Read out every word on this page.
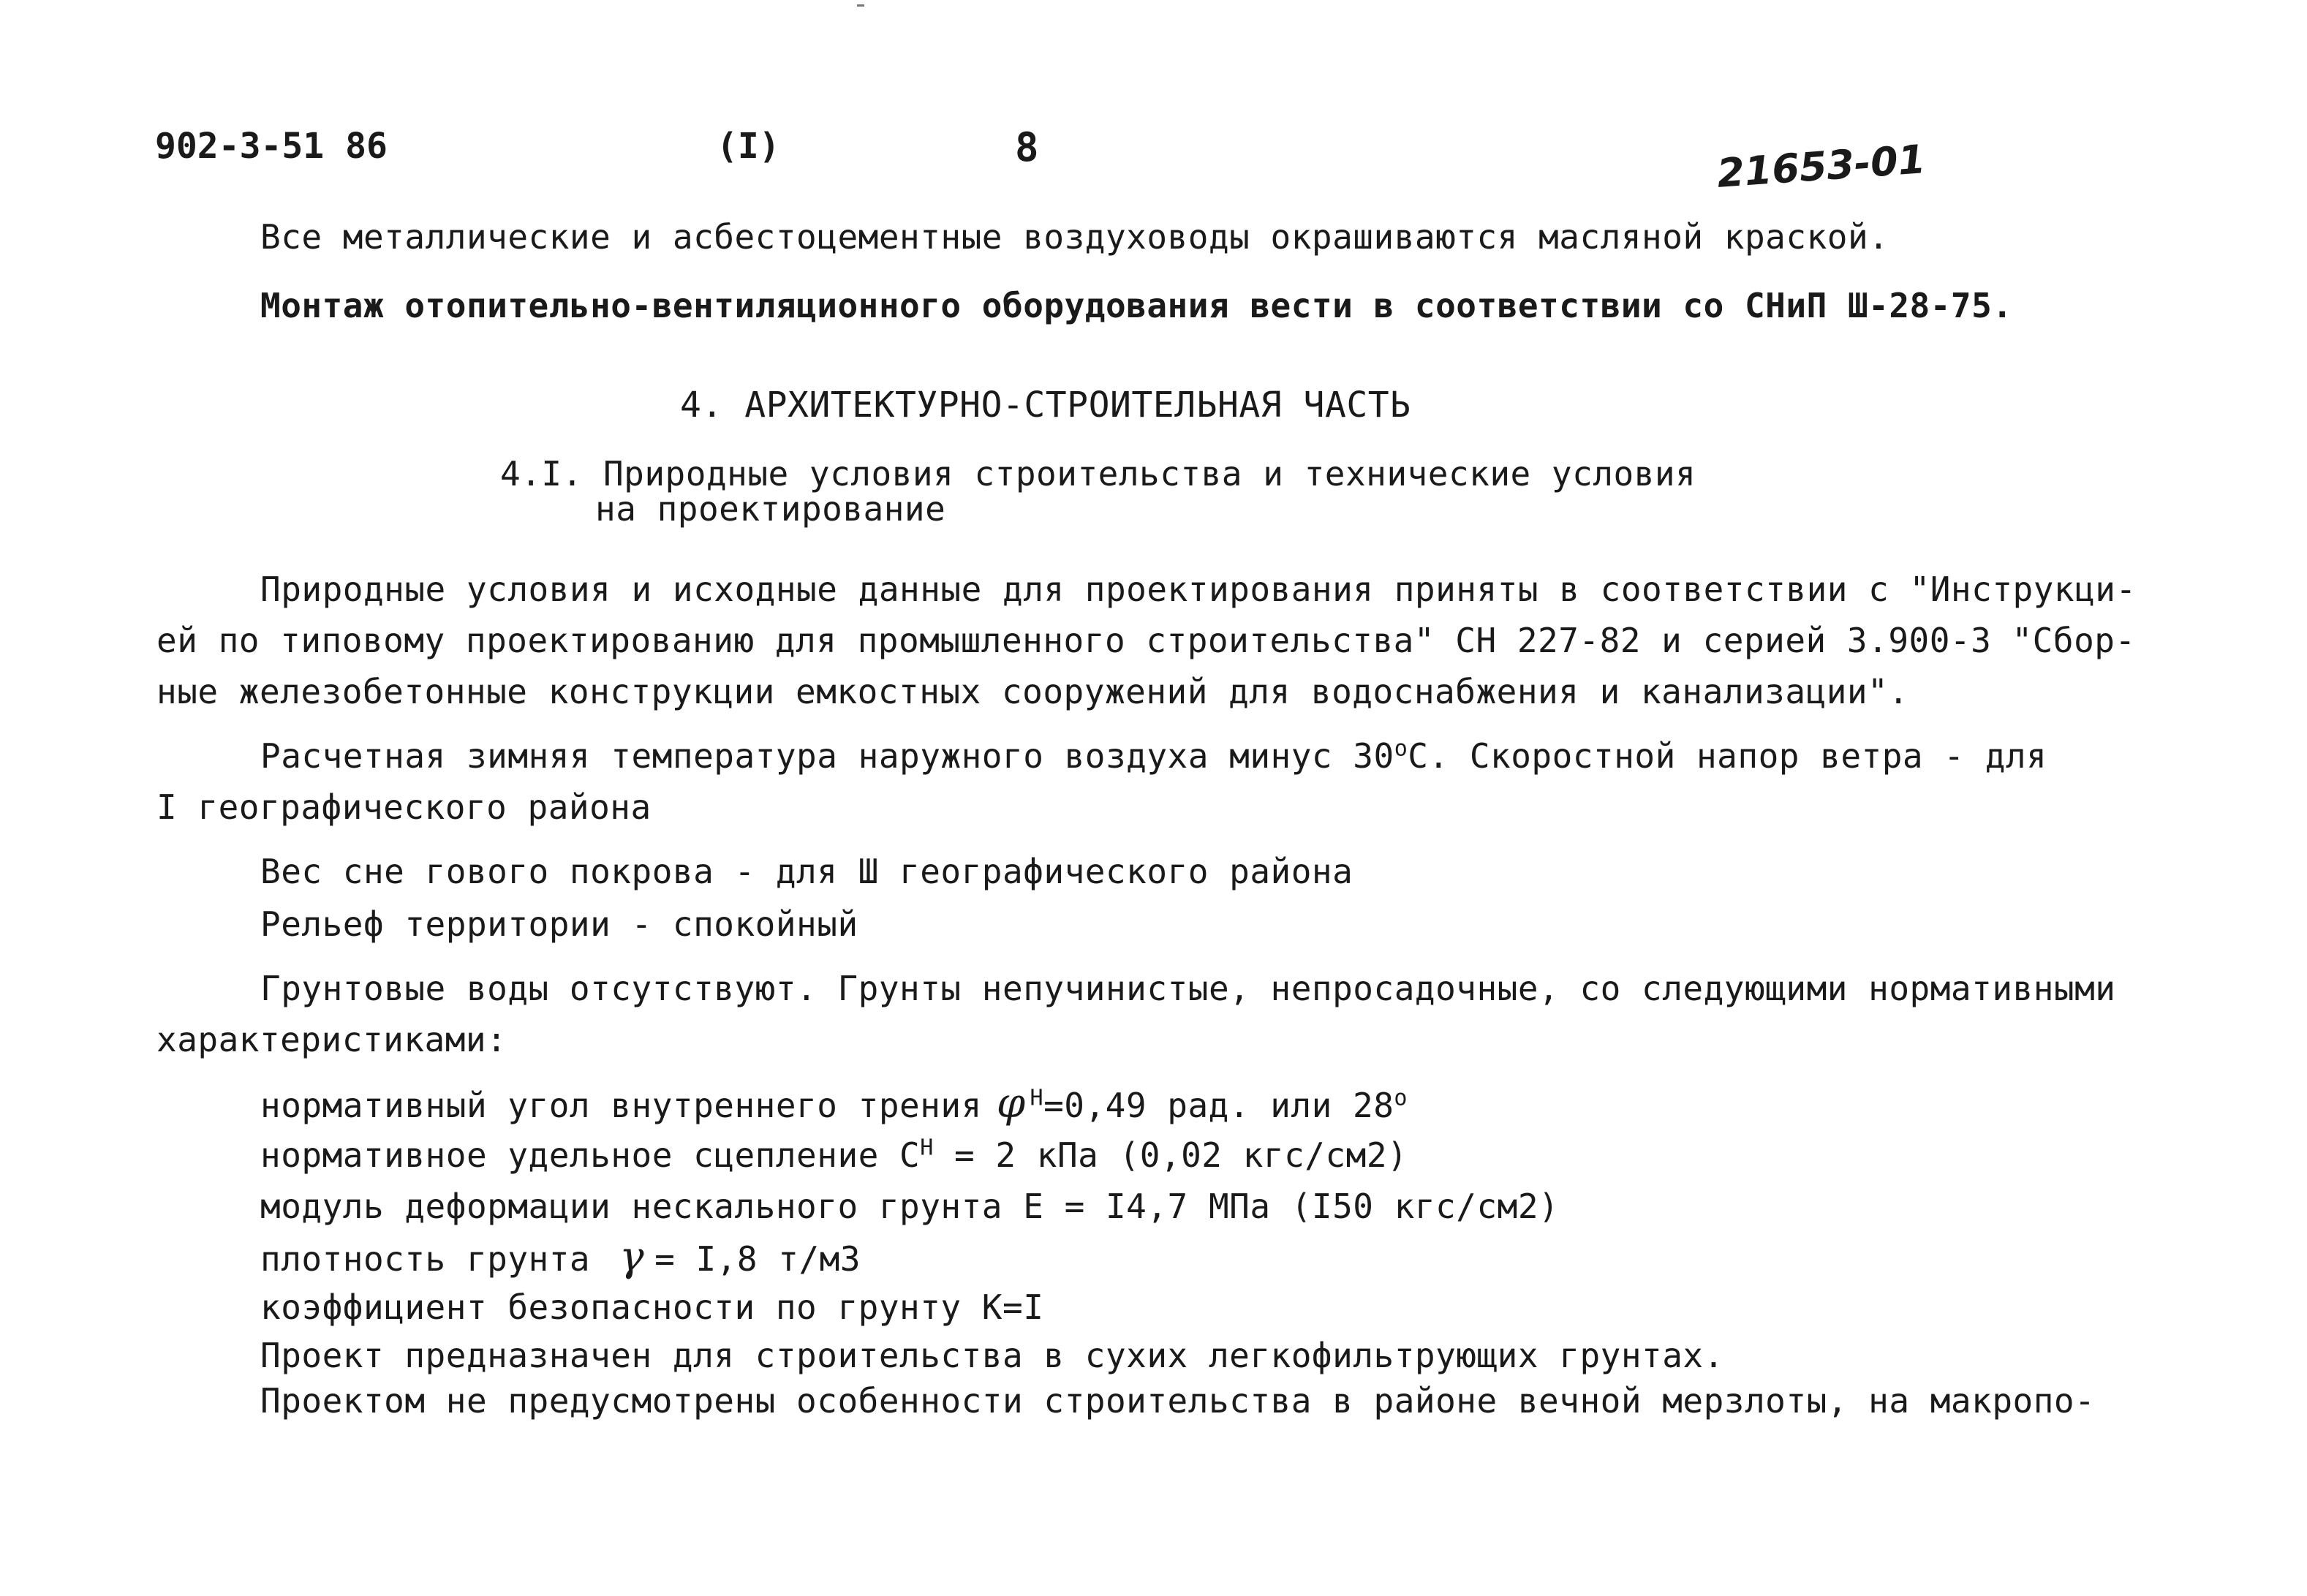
902-3-51 86	(I)	8	21653-01
Все металлические и асбестоцементные воздуховоды окрашиваются масляной краской.
Монтаж отопительно-вентиляционного оборудования вести в соответствии со СНиП Ш-28-75.
4. АРХИТЕКТУРНО-СТРОИТЕЛЬНАЯ ЧАСТЬ
4.I. Природные условия строительства и технические условия
на проектирование
Природные условия и исходные данные для проектирования приняты в соответствии с "Инструкци-
ей по типовому проектированию для промышленного строительства" СН 227-82 и серией 3.900-3 "Сбор-
ные железобетонные конструкции емкостных сооружений для водоснабжения и канализации".
Расчетная зимняя температура наружного воздуха минус $30^оС$. Скоростной напор ветра - для
I географического района
Вес сне гового покрова - для Ш географического района
Рельеф территории - спокойный
Грунтовые воды отсутствуют. Грунты непучинистые, непросадочные, со следующими нормативными
характеристиками:
нормативный угол внутреннего трения φ $^Н$=0,49 рад. или $28^о$
нормативное удельное сцепление $С^Н = 2$ кПа (0,02 кгс/см2)
модуль деформации нескального грунта Е = I4,7 МПа (I50 кгс/см2)
плотность грунта γ = I,8 т/м3
коэффициент безопасности по грунту К=I
Проект предназначен для строительства в сухих легкофильтрующих грунтах.
Проектом не предусмотрены особенности строительства в районе вечной мерзлоты, на макропо-
